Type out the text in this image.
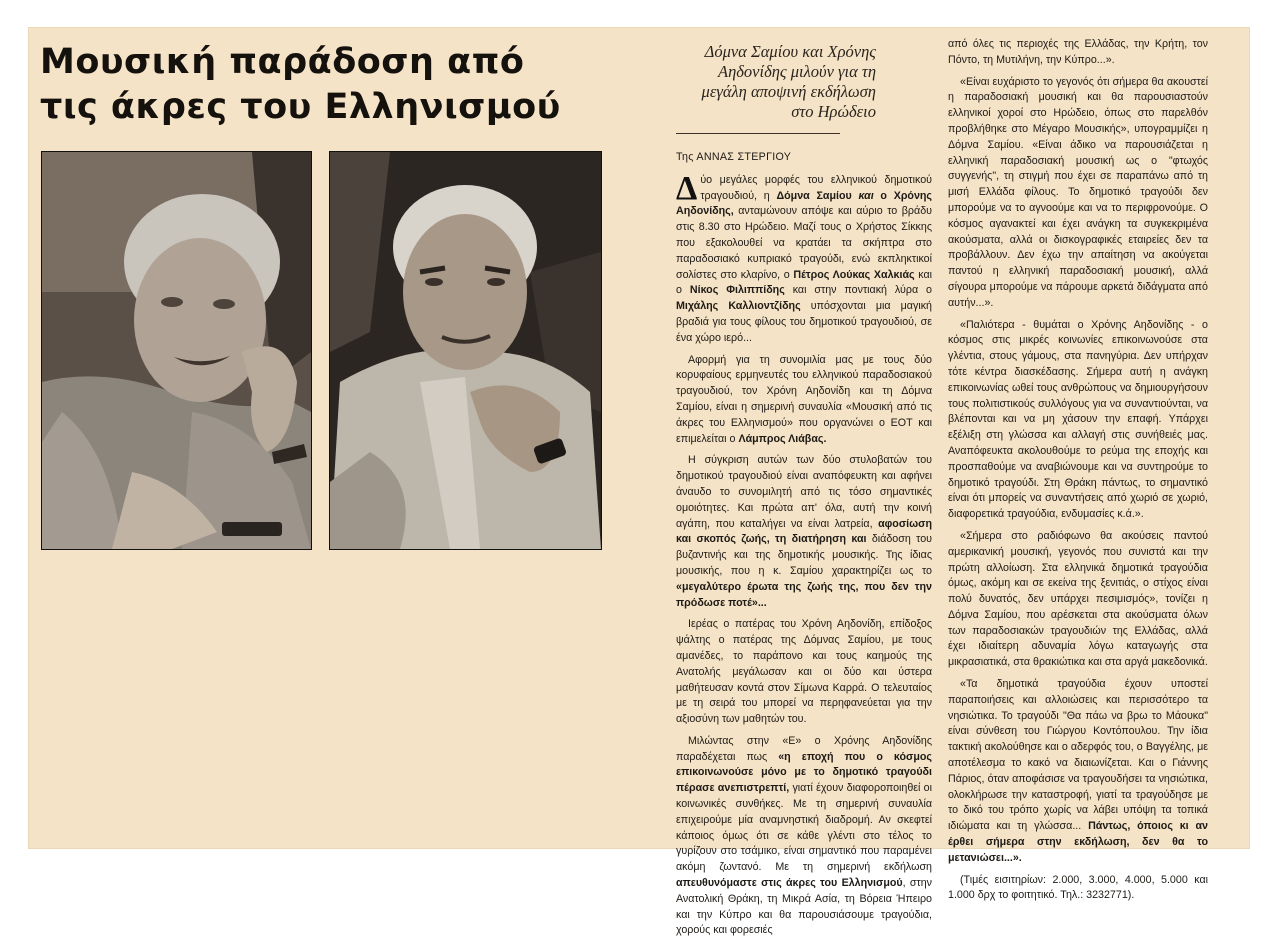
Μουσική παράδοση από
τις άκρες του Ελληνισμού

Δόμνα Σαμίου και Χρόνης Αηδονίδης μιλούν για τη μεγάλη αποψινή εκδήλωση στο Ηρώδειο

Της ΑΝΝΑΣ ΣΤΕΡΓΙΟΥ

Δύο μεγάλες μορφές του ελληνικού δημοτικού τραγουδιού, η Δόμνα Σαμίου και ο Χρόνης Αηδονίδης, ανταμώνουν απόψε και αύριο το βράδυ στις 8.30 στο Ηρώδειο. Μαζί τους ο Χρήστος Σίκκης που εξακολουθεί να κρατάει τα σκήπτρα στο παραδοσιακό κυπριακό τραγούδι, ενώ εκπληκτικοί σολίστες στο κλαρίνο, ο Πέτρος Λούκας Χαλκιάς και ο Νίκος Φιλιππίδης και στην ποντιακή λύρα ο Μιχάλης Καλλιοντζίδης υπόσχονται μια μαγική βραδιά για τους φίλους του δημοτικού τραγουδιού, σε ένα χώρο ιερό...

Αφορμή για τη συνομιλία μας με τους δύο κορυφαίους ερμηνευτές του ελληνικού παραδοσιακού τραγουδιού, τον Χρόνη Αηδονίδη και τη Δόμνα Σαμίου, είναι η σημερινή συναυλία «Μουσική από τις άκρες του Ελληνισμού» που οργανώνει ο ΕΟΤ και επιμελείται ο Λάμπρος Λιάβας.

Η σύγκριση αυτών των δύο στυλοβατών του δημοτικού τραγουδιού είναι αναπόφευκτη και αφήνει άναυδο το συνομιλητή από τις τόσο σημαντικές ομοιότητες. Και πρώτα απ' όλα, αυτή την κοινή αγάπη, που καταλήγει να είναι λατρεία, αφοσίωση και σκοπός ζωής, τη διατήρηση και διάδοση του βυζαντινής και της δημοτικής μουσικής. Της ίδιας μουσικής, που η κ. Σαμίου χαρακτηρίζει ως το «μεγαλύτερο έρωτα της ζωής της, που δεν την πρόδωσε ποτέ»...

Ιερέας ο πατέρας του Χρόνη Αηδονίδη, επίδοξος ψάλτης ο πατέρας της Δόμνας Σαμίου, με τους αμανέδες, το παράπονο και τους καημούς της Ανατολής μεγάλωσαν και οι δύο και ύστερα μαθήτευσαν κοντά στον Σίμωνα Καρρά. Ο τελευταίος με τη σειρά του μπορεί να περηφανεύεται για την αξιοσύνη των μαθητών του.

Μιλώντας στην «Ε» ο Χρόνης Αηδονίδης παραδέχεται πως «η εποχή που ο κόσμος επικοινωνούσε μόνο με το δημοτικό τραγούδι πέρασε ανεπιστρεπτί, γιατί έχουν διαφοροποιηθεί οι κοινωνικές συνθήκες. Με τη σημερινή συναυλία επιχειρούμε μία αναμνηστική διαδρομή. Αν σκεφτεί κάποιος όμως ότι σε κάθε γλέντι στο τέλος το γυρίζουν στο τσάμικο, είναι σημαντικό που παραμένει ακόμη ζωντανό. Με τη σημερινή εκδήλωση απευθυνόμαστε στις άκρες του Ελληνισμού, στην Ανατολική Θράκη, τη Μικρά Ασία, τη Βόρεια Ήπειρο και την Κύπρο και θα παρουσιάσουμε τραγούδια, χορούς και φορεσιές

από όλες τις περιοχές της Ελλάδας, την Κρήτη, τον Πόντο, τη Μυτιλήνη, την Κύπρο...».

«Είναι ευχάριστο το γεγονός ότι σήμερα θα ακουστεί η παραδοσιακή μουσική και θα παρουσιαστούν ελληνικοί χοροί στο Ηρώδειο, όπως στο παρελθόν προβλήθηκε στο Μέγαρο Μουσικής», υπογραμμίζει η Δόμνα Σαμίου. «Είναι άδικο να παρουσιάζεται η ελληνική παραδοσιακή μουσική ως ο "φτωχός συγγενής", τη στιγμή που έχει σε παραπάνω από τη μισή Ελλάδα φίλους. Το δημοτικό τραγούδι δεν μπορούμε να το αγνοούμε και να το περιφρονούμε. Ο κόσμος αγανακτεί και έχει ανάγκη τα συγκεκριμένα ακούσματα, αλλά οι δισκογραφικές εταιρείες δεν τα προβάλλουν. Δεν έχω την απαίτηση να ακούγεται παντού η ελληνική παραδοσιακή μουσική, αλλά σίγουρα μπορούμε να πάρουμε αρκετά διδάγματα από αυτήν...».

«Παλιότερα - θυμάται ο Χρόνης Αηδονίδης - ο κόσμος στις μικρές κοινωνίες επικοινωνούσε στα γλέντια, στους γάμους, στα πανηγύρια. Δεν υπήρχαν τότε κέντρα διασκέδασης. Σήμερα αυτή η ανάγκη επικοινωνίας ωθεί τους ανθρώπους να δημιουργήσουν τους πολιτιστικούς συλλόγους για να συναντιούνται, να βλέπονται και να μη χάσουν την επαφή. Υπάρχει εξέλιξη στη γλώσσα και αλλαγή στις συνήθειές μας. Αναπόφευκτα ακολουθούμε το ρεύμα της εποχής και προσπαθούμε να αναβιώνουμε και να συντηρούμε το δημοτικό τραγούδι. Στη Θράκη πάντως, το σημαντικό είναι ότι μπορείς να συναντήσεις από χωριό σε χωριό, διαφορετικά τραγούδια, ενδυμασίες κ.ά.».

«Σήμερα στο ραδιόφωνο θα ακούσεις παντού αμερικανική μουσική, γεγονός που συνιστά και την πρώτη αλλοίωση. Στα ελληνικά δημοτικά τραγούδια όμως, ακόμη και σε εκείνα της ξενιτιάς, ο στίχος είναι πολύ δυνατός, δεν υπάρχει πεσιμισμός», τονίζει η Δόμνα Σαμίου, που αρέσκεται στα ακούσματα όλων των παραδοσιακών τραγουδιών της Ελλάδας, αλλά έχει ιδιαίτερη αδυναμία λόγω καταγωγής στα μικρασιατικά, στα θρακιώτικα και στα αργά μακεδονικά.

«Τα δημοτικά τραγούδια έχουν υποστεί παραποιήσεις και αλλοιώσεις και περισσότερο τα νησιώτικα. Το τραγούδι "Θα πάω να βρω το Μάουκα" είναι σύνθεση του Γιώργου Κοντόπουλου. Την ίδια τακτική ακολούθησε και ο αδερφός του, ο Βαγγέλης, με αποτέλεσμα το κακό να διαιωνίζεται. Και ο Γιάννης Πάριος, όταν αποφάσισε να τραγουδήσει τα νησιώτικα, ολοκλήρωσε την καταστροφή, γιατί τα τραγούδησε με το δικό του τρόπο χωρίς να λάβει υπόψη τα τοπικά ιδιώματα και τη γλώσσα... Πάντως, όποιος κι αν έρθει σήμερα στην εκδήλωση, δεν θα το μετανιώσει...».

(Τιμές εισιτηρίων: 2.000, 3.000, 4.000, 5.000 και 1.000 δρχ το φοιτητικό. Τηλ.: 3232771).
